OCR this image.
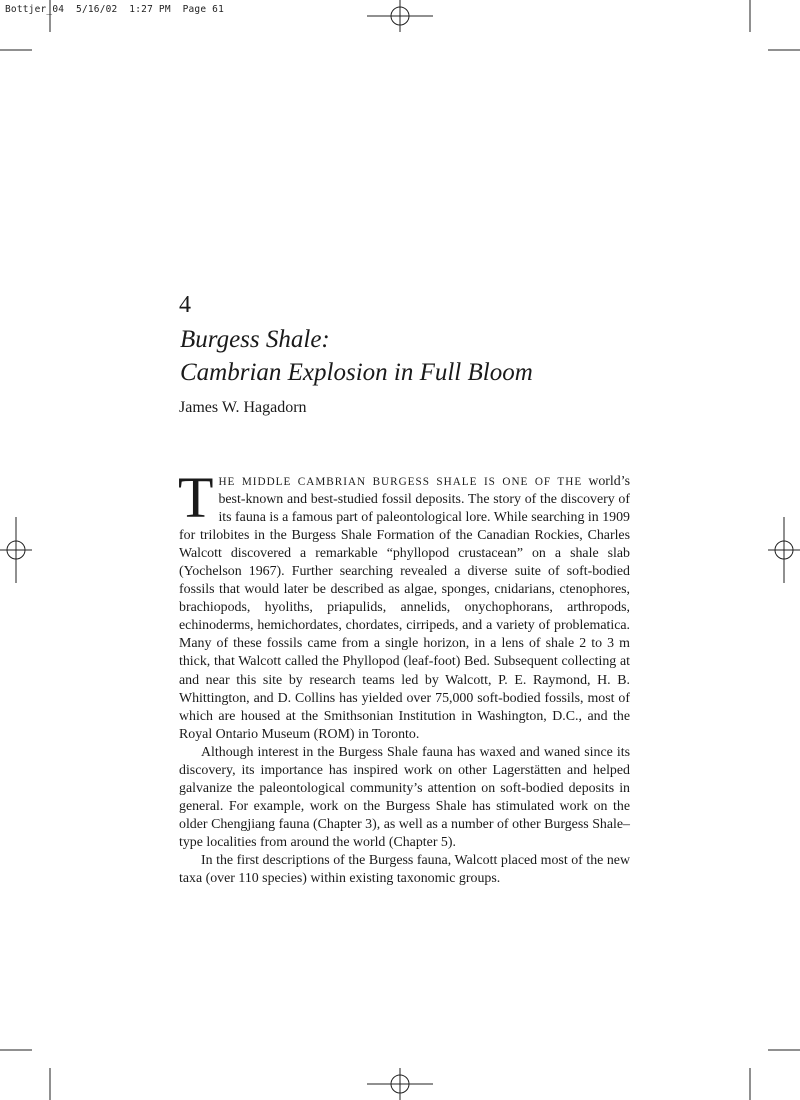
Bottjer_04  5/16/02  1:27 PM  Page 61
4
Burgess Shale:
Cambrian Explosion in Full Bloom
James W. Hagadorn

THE MIDDLE CAMBRIAN BURGESS SHALE IS ONE OF THE world’s best-known and best-studied fossil deposits. The story of the discovery of its fauna is a famous part of paleontological lore. While searching in 1909 for trilobites in the Burgess Shale Formation of the Canadian Rockies, Charles Walcott discovered a remarkable “phyllopod crustacean” on a shale slab (Yochelson 1967). Further searching revealed a diverse suite of soft-bodied fossils that would later be described as algae, sponges, cnidarians, ctenophores, brachiopods, hyoliths, priapulids, annelids, onychophorans, arthropods, echinoderms, hemichordates, chordates, cirripeds, and a variety of problematica. Many of these fossils came from a single horizon, in a lens of shale 2 to 3 m thick, that Walcott called the Phyllopod (leaf-foot) Bed. Subsequent collecting at and near this site by research teams led by Walcott, P. E. Raymond, H. B. Whittington, and D. Collins has yielded over 75,000 soft-bodied fossils, most of which are housed at the Smithsonian Institution in Washington, D.C., and the Royal Ontario Museum (ROM) in Toronto.

Although interest in the Burgess Shale fauna has waxed and waned since its discovery, its importance has inspired work on other Lagerstätten and helped galvanize the paleontological community’s attention on soft-bodied deposits in general. For example, work on the Burgess Shale has stimulated work on the older Chengjiang fauna (Chapter 3), as well as a number of other Burgess Shale–type localities from around the world (Chapter 5).

In the first descriptions of the Burgess fauna, Walcott placed most of the new taxa (over 110 species) within existing taxonomic groups.
